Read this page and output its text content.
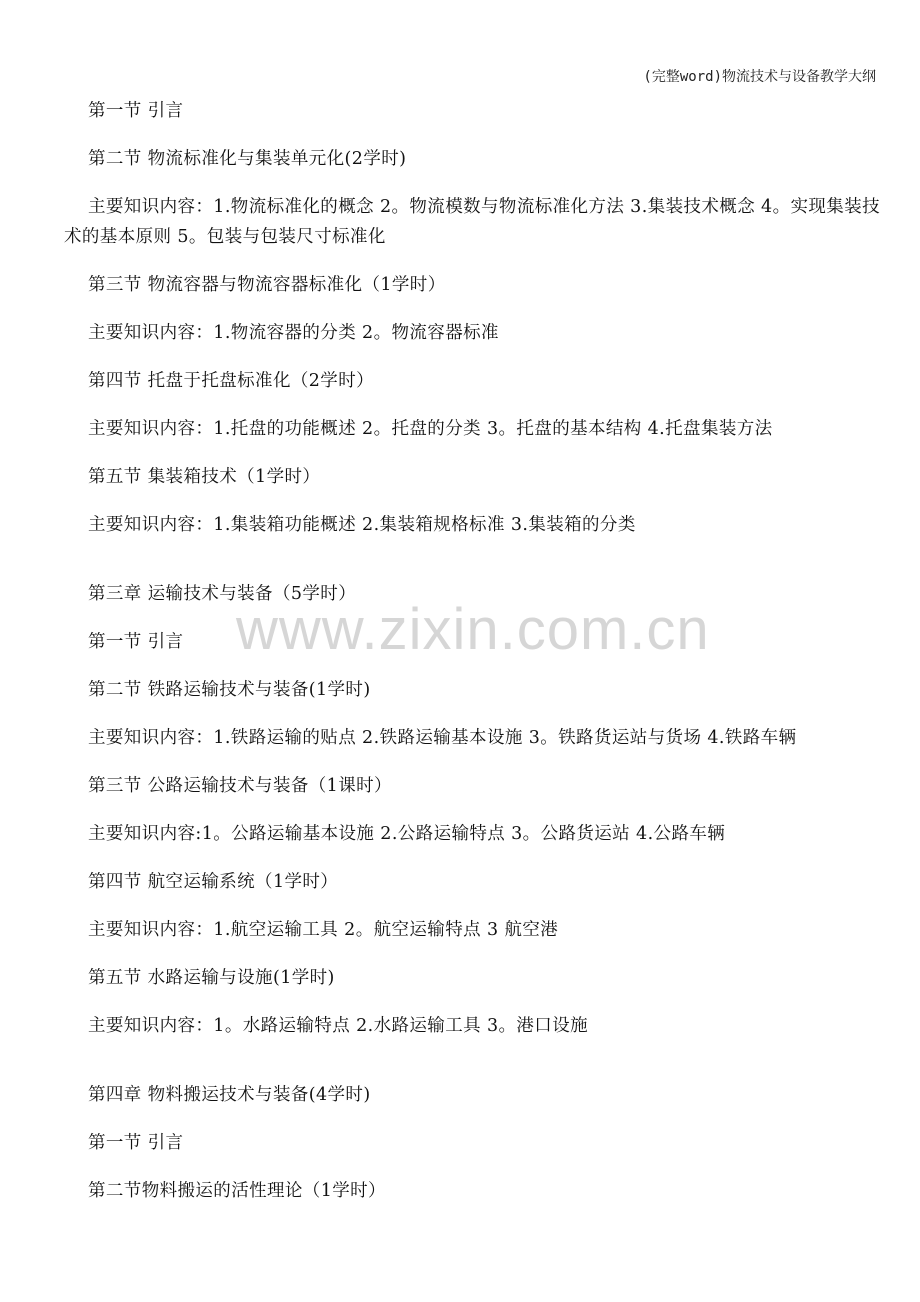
(完整word)物流技术与设备教学大纲
www.zixin.com.cn

第一节 引言

第二节 物流标准化与集装单元化(2学时)

主要知识内容：1.物流标准化的概念 2。物流模数与物流标准化方法 3.集装技术概念 4。实现集装技术的基本原则 5。包装与包装尺寸标准化

第三节 物流容器与物流容器标准化（1学时）

主要知识内容：1.物流容器的分类 2。物流容器标准

第四节 托盘于托盘标准化（2学时）

主要知识内容：1.托盘的功能概述 2。托盘的分类 3。托盘的基本结构 4.托盘集装方法

第五节 集装箱技术（1学时）

主要知识内容：1.集装箱功能概述 2.集装箱规格标准 3.集装箱的分类

第三章 运输技术与装备（5学时）

第一节 引言

第二节 铁路运输技术与装备(1学时)

主要知识内容：1.铁路运输的贴点 2.铁路运输基本设施 3。铁路货运站与货场 4.铁路车辆

第三节 公路运输技术与装备（1课时）

主要知识内容:1。公路运输基本设施 2.公路运输特点 3。公路货运站 4.公路车辆

第四节 航空运输系统（1学时）

主要知识内容：1.航空运输工具 2。航空运输特点 3 航空港

第五节 水路运输与设施(1学时)

主要知识内容：1。水路运输特点 2.水路运输工具 3。港口设施

第四章 物料搬运技术与装备(4学时)

第一节 引言

第二节物料搬运的活性理论（1学时）
